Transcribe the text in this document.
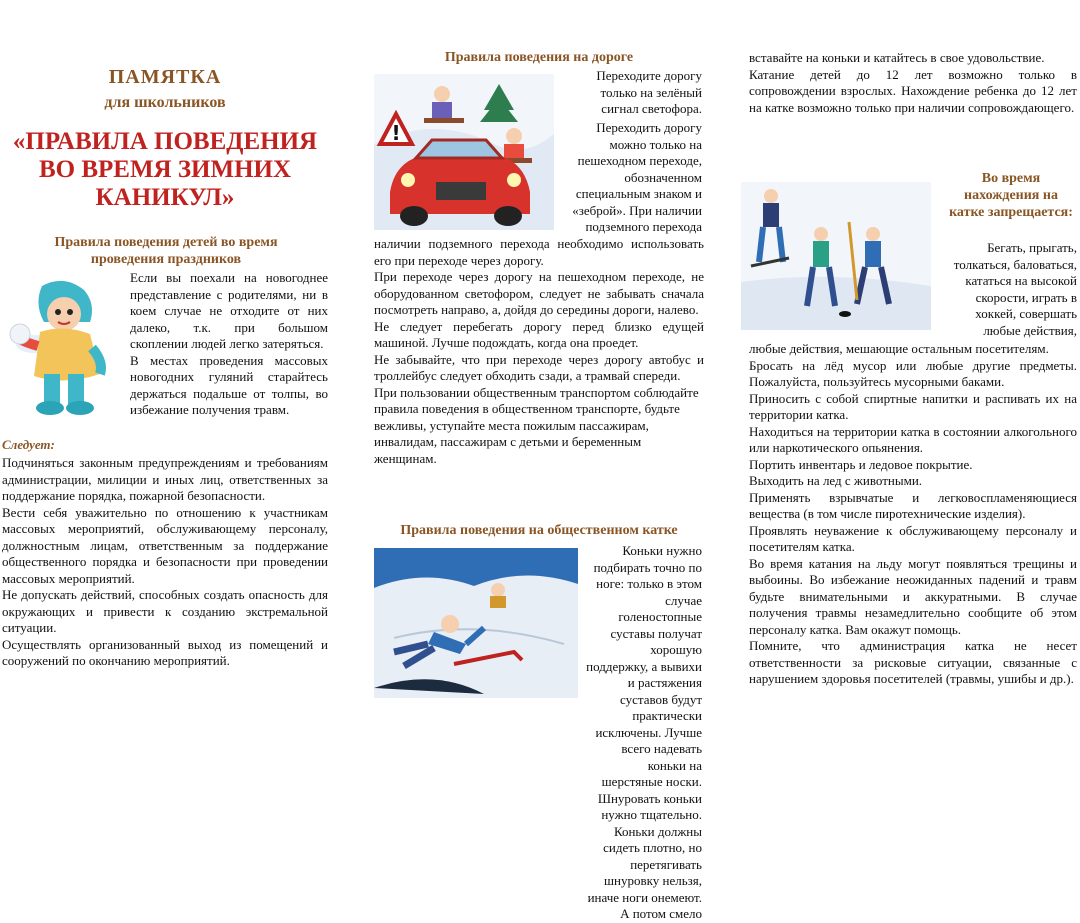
ПАМЯТКА
для школьников
«ПРАВИЛА ПОВЕДЕНИЯ
ВО ВРЕМЯ ЗИМНИХ
КАНИКУЛ»
Правила поведения детей во время проведения праздников

Если вы поехали на новогоднее представление с родителями, ни в коем случае не отходите от них далеко, т.к. при большом скоплении людей легко затеряться.

В местах проведения массовых новогодних гуляний старайтесь держаться подальше от толпы, во избежание получения травм.

Следует:

Подчиняться законным предупреждениям и требованиям администрации, милиции и иных лиц, ответственных за поддержание порядка, пожарной безопасности.

Вести себя уважительно по отношению к участникам массовых мероприятий, обслуживающему персоналу, должностным лицам, ответственным за поддержание общественного порядка и безопасности при проведении массовых мероприятий.

Не допускать действий, способных создать опасность для окружающих и привести к созданию экстремальной ситуации.

Осуществлять организованный выход из помещений и сооружений по окончанию мероприятий.

Правила поведения на дороге
!

Переходите дорогу только на зелёный сигнал светофора.

Переходить дорогу можно только на пешеходном переходе, обозначенном специальным знаком и «зеброй». При наличии подземного перехода

наличии подземного перехода необходимо использовать его при переходе через дорогу.

При переходе через дорогу на пешеходном переходе, не оборудованном светофором, следует не забывать сначала посмотреть направо, а, дойдя до середины дороги, налево.

Не следует перебегать дорогу перед близко едущей машиной. Лучше подождать, когда она проедет.

Не забывайте, что при переходе через дорогу автобус и троллейбус следует обходить сзади, а трамвай спереди.

При пользовании общественным транспортом соблюдайте правила поведения в общественном транспорте, будьте вежливы, уступайте места пожилым пассажирам, инвалидам, пассажирам с детьми и беременным женщинам.

Правила поведения на общественном катке

Коньки нужно подбирать точно по ноге: только в этом случае голеностопные суставы получат хорошую поддержку, а вывихи и растяжения суставов будут практически исключены. Лучше всего надевать коньки на шерстяные носки. Шнуровать коньки нужно тщательно. Коньки должны сидеть плотно, но перетягивать шнуровку нельзя, иначе ноги онемеют. А потом смело

вставайте на коньки и катайтесь в свое удовольствие.

Катание детей до 12 лет возможно только в сопровождении взрослых. Нахождение ребенка до 12 лет на катке возможно только при наличии сопровождающего.

Во время нахождения на катке запрещается:

Бегать, прыгать, толкаться, баловаться, кататься на высокой скорости, играть в хоккей, совершать любые действия,

любые действия, мешающие остальным посетителям.

Бросать на лёд мусор или любые другие предметы. Пожалуйста, пользуйтесь мусорными баками.

Приносить с собой спиртные напитки и распивать их на территории катка.

Находиться на территории катка в состоянии алкогольного или наркотического опьянения.

Портить инвентарь и ледовое покрытие.

Выходить на лед с животными.

Применять взрывчатые и легковоспламеняющиеся вещества (в том числе пиротехнические изделия).

Проявлять неуважение к обслуживающему персоналу и посетителям катка.

Во время катания на льду могут появляться трещины и выбоины. Во избежание неожиданных падений и травм будьте внимательными и аккуратными. В случае получения травмы незамедлительно сообщите об этом персоналу катка. Вам окажут помощь.

Помните, что администрация катка не несет ответственности за рисковые ситуации, связанные с нарушением здоровья посетителей (травмы, ушибы и др.).
